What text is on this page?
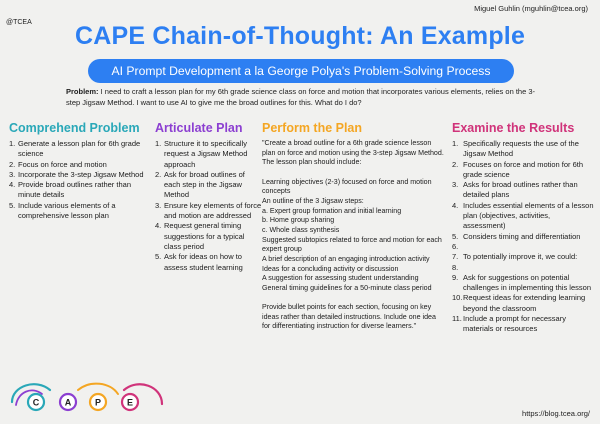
Miguel Guhlin (mguhlin@tcea.org)
@TCEA	CAPE Chain-of-Thought: An Example
AI Prompt Development a la George Polya's Problem-Solving Process
Problem: I need to craft a lesson plan for my 6th grade science class on force and motion that incorporates various elements, relies on the 3-step Jigsaw Method. I want to use AI to give me the broad outlines for this. What do I do?
Comprehend Problem
1. Generate a lesson plan for 6th grade science
2. Focus on force and motion
3. Incorporate the 3-step Jigsaw Method
4. Provide broad outlines rather than minute details
5. Include various elements of a comprehensive lesson plan
Articulate Plan
1. Structure it to specifically request a Jigsaw Method approach
2. Ask for broad outlines of each step in the Jigsaw Method
3. Ensure key elements of force and motion are addressed
4. Request general timing suggestions for a typical class period
5. Ask for ideas on how to assess student learning
Perform the Plan

"Create a broad outline for a 6th grade science lesson plan on force and motion using the 3-step Jigsaw Method. The lesson plan should include:

Learning objectives (2-3) focused on force and motion concepts

An outline of the 3 Jigsaw steps:

a. Expert group formation and initial learning

b. Home group sharing

c. Whole class synthesis

Suggested subtopics related to force and motion for each expert group

A brief description of an engaging introduction activity

Ideas for a concluding activity or discussion

A suggestion for assessing student understanding

General timing guidelines for a 50-minute class period

Provide bullet points for each section, focusing on key ideas rather than detailed instructions. Include one idea for differentiating instruction for diverse learners."

Examine the Results
1. Specifically requests the use of the Jigsaw Method
2. Focuses on force and motion for 6th grade science
3. Asks for broad outlines rather than detailed plans
4. Includes essential elements of a lesson plan (objectives, activities, assessment)
5. Considers timing and differentiation
6.

7. To potentially improve it, we could:
8.

9. Ask for suggestions on potential challenges in implementing this lesson
10. Request ideas for extending learning beyond the classroom
11. Include a prompt for necessary materials or resources
C	A	P	E
https://blog.tcea.org/
